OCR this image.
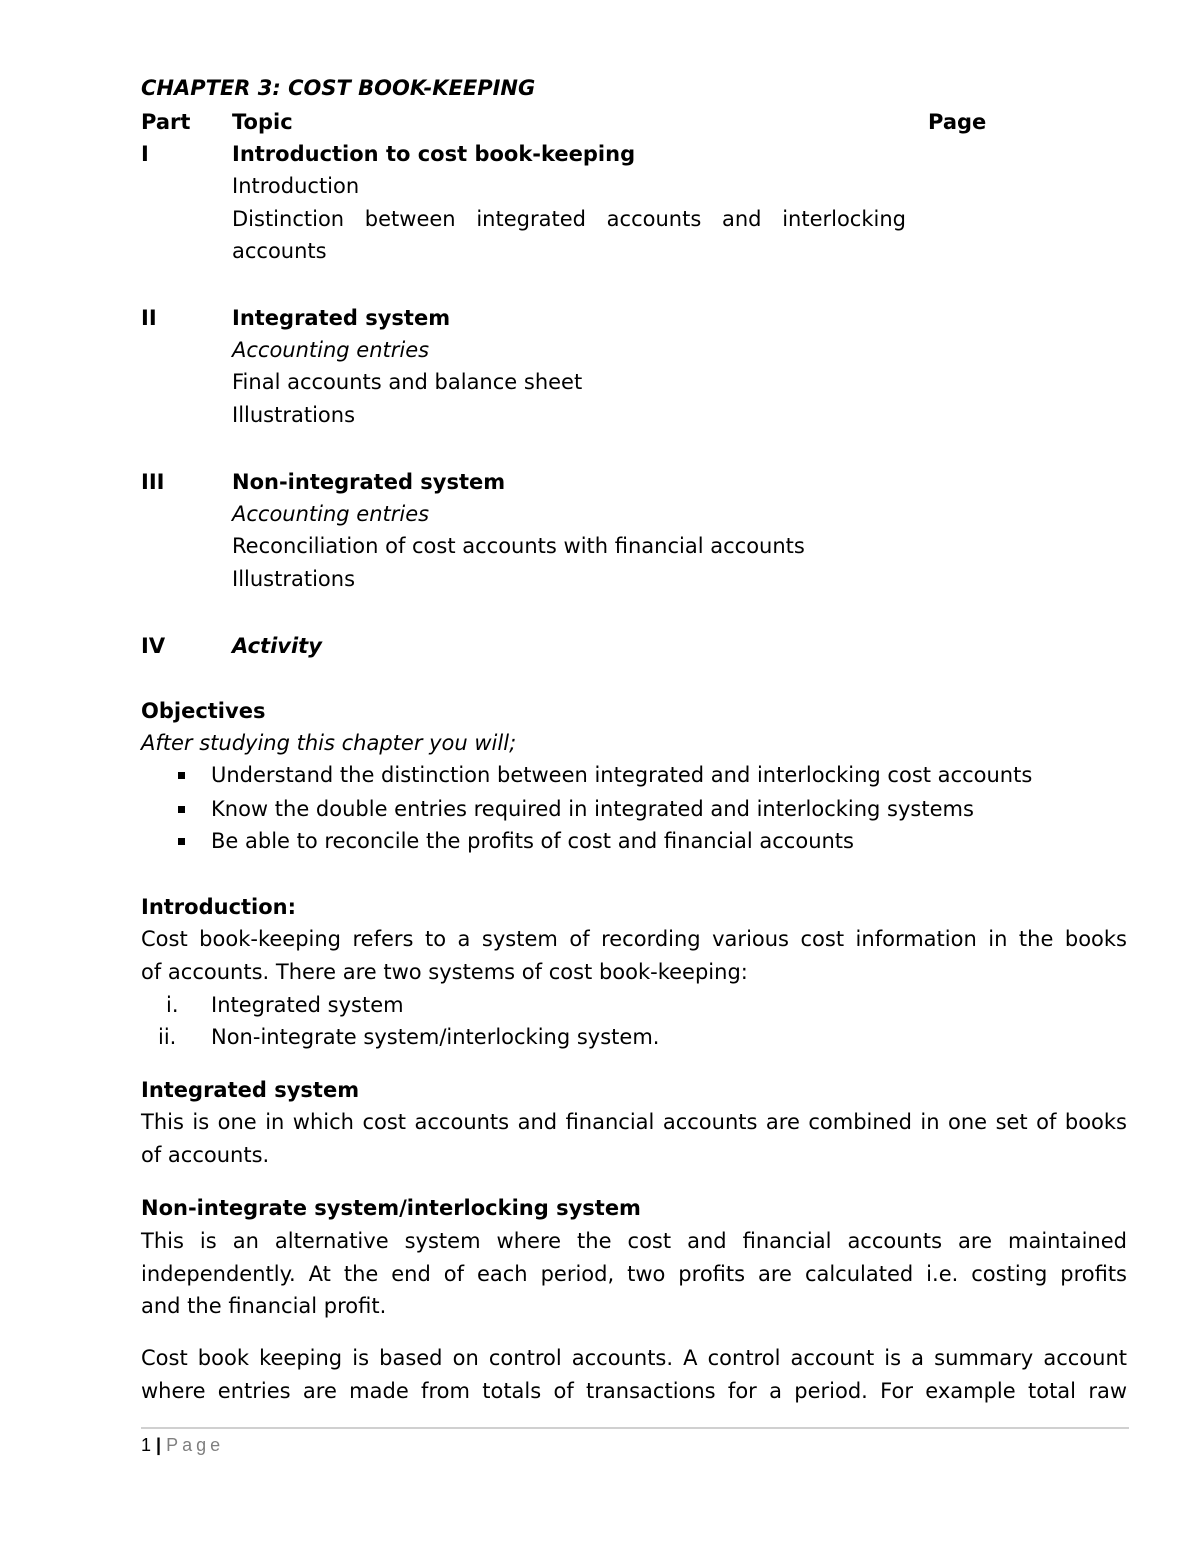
CHAPTER 3: COST BOOK-KEEPING
Part Topic	Page
I	Introduction to cost book-keeping
Introduction
Distinction between integrated accounts and interlocking
accounts
II	Integrated system
Accounting entries
Final accounts and balance sheet
Illustrations
III	Non-integrated system
Accounting entries
Reconciliation of cost accounts with financial accounts
Illustrations
IV	Activity
Objectives
After studying this chapter you will;
Understand the distinction between integrated and interlocking cost accounts
Know the double entries required in integrated and interlocking systems
Be able to reconcile the profits of cost and financial accounts
Introduction:
Cost book-keeping refers to a system of recording various cost information in the books
of accounts. There are two systems of cost book-keeping:
i. Integrated system
ii. Non-integrate system/interlocking system.
Integrated system
This is one in which cost accounts and financial accounts are combined in one set of books
of accounts.
Non-integrate system/interlocking system
This is an alternative system where the cost and financial accounts are maintained
independently. At the end of each period, two profits are calculated i.e. costing profits
and the financial profit.
Cost book keeping is based on control accounts. A control account is a summary account
where entries are made from totals of transactions for a period. For example total raw
1 | Page
